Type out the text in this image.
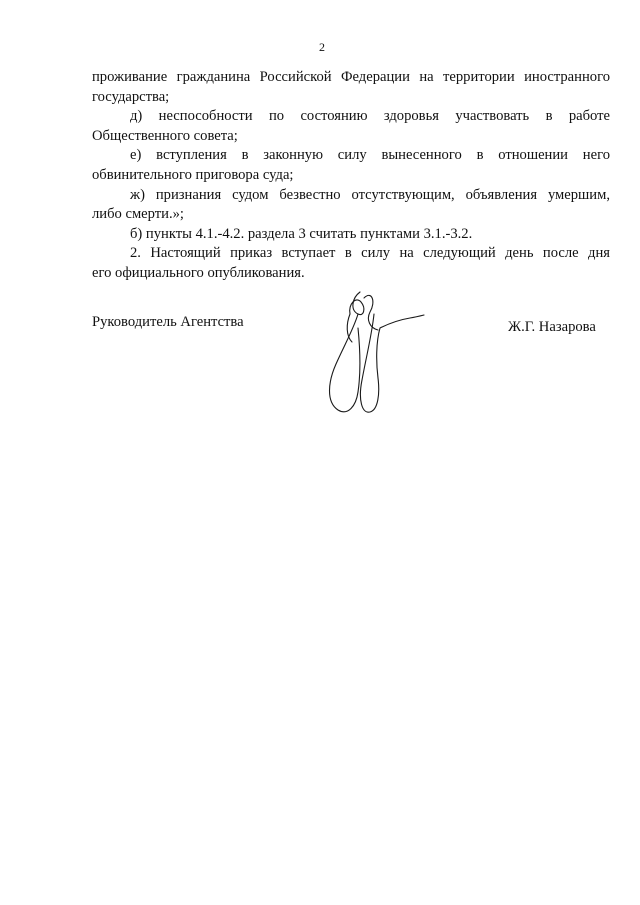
2
проживание гражданина Российской Федерации на территории иностранного
государства;
д) неспособности по состоянию здоровья участвовать в работе
Общественного совета;
е) вступления в законную силу вынесенного в отношении него
обвинительного приговора суда;
ж) признания судом безвестно отсутствующим, объявления умершим,
либо смерти.»;
б) пункты 4.1.-4.2. раздела 3 считать пунктами 3.1.-3.2.
2. Настоящий приказ вступает в силу на следующий день после дня
его официального опубликования.
Руководитель Агентства	Ж.Г. Назарова
